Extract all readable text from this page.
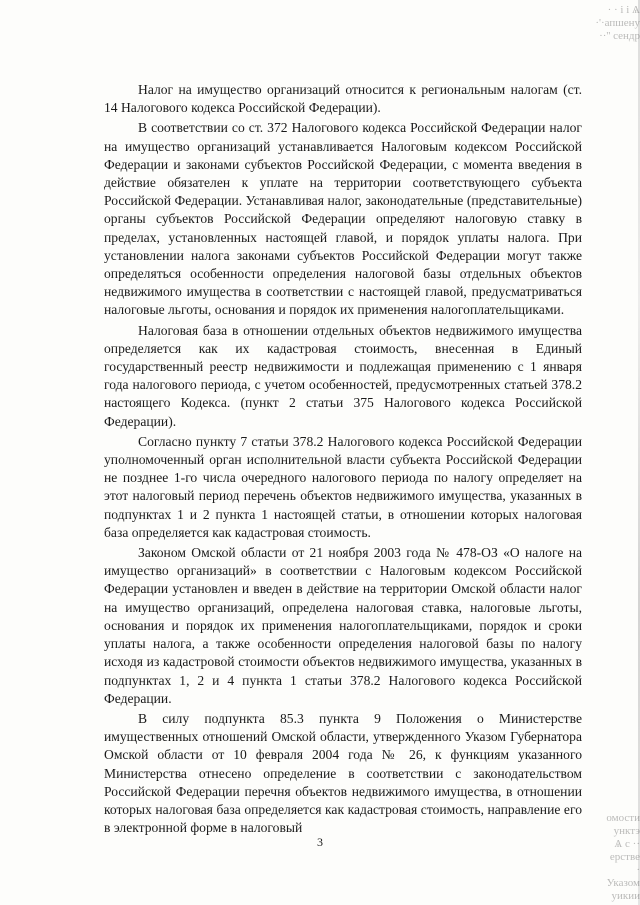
· · і і Ѧ
·'·апшену
··'' сендр

Налог на имущество организаций относится к региональным налогам (ст. 14 Налогового кодекса Российской Федерации).

В соответствии со ст. 372 Налогового кодекса Российской Федерации налог на имущество организаций устанавливается Налоговым кодексом Российской Федерации и законами субъектов Российской Федерации, с момента введения в действие обязателен к уплате на территории соответствующего субъекта Российской Федерации. Устанавливая налог, законодательные (представительные) органы субъектов Российской Федерации определяют налоговую ставку в пределах, установленных настоящей главой, и порядок уплаты налога. При установлении налога законами субъектов Российской Федерации могут также определяться особенности определения налоговой базы отдельных объектов недвижимого имущества в соответствии с настоящей главой, предусматриваться налоговые льготы, основания и порядок их применения налогоплательщиками.

Налоговая база в отношении отдельных объектов недвижимого имущества определяется как их кадастровая стоимость, внесенная в Единый государственный реестр недвижимости и подлежащая применению с 1 января года налогового периода, с учетом особенностей, предусмотренных статьей 378.2 настоящего Кодекса. (пункт 2 статьи 375 Налогового кодекса Российской Федерации).

Согласно пункту 7 статьи 378.2 Налогового кодекса Российской Федерации уполномоченный орган исполнительной власти субъекта Российской Федерации не позднее 1-го числа очередного налогового периода по налогу определяет на этот налоговый период перечень объектов недвижимого имущества, указанных в подпунктах 1 и 2 пункта 1 настоящей статьи, в отношении которых налоговая база определяется как кадастровая стоимость.

Законом Омской области от 21 ноября 2003 года № 478-ОЗ «О налоге на имущество организаций» в соответствии с Налоговым кодексом Российской Федерации установлен и введен в действие на территории Омской области налог на имущество организаций, определена налоговая ставка, налоговые льготы, основания и порядок их применения налогоплательщиками, порядок и сроки уплаты налога, а также особенности определения налоговой базы по налогу исходя из кадастровой стоимости объектов недвижимого имущества, указанных в подпунктах 1, 2 и 4 пункта 1 статьи 378.2 Налогового кодекса Российской Федерации.

В силу подпункта 85.3 пункта 9 Положения о Министерстве имущественных отношений Омской области, утвержденного Указом Губернатора Омской области от 10 февраля 2004 года № 26, к функциям указанного Министерства отнесено определение в соответствии с законодательством Российской Федерации перечня объектов недвижимого имущества, в отношении которых налоговая база определяется как кадастровая стоимость, направление его в электронной форме в налоговый

3
омости
унктэ
Ѧ с ··
ерстве
·
Указом
уикии
